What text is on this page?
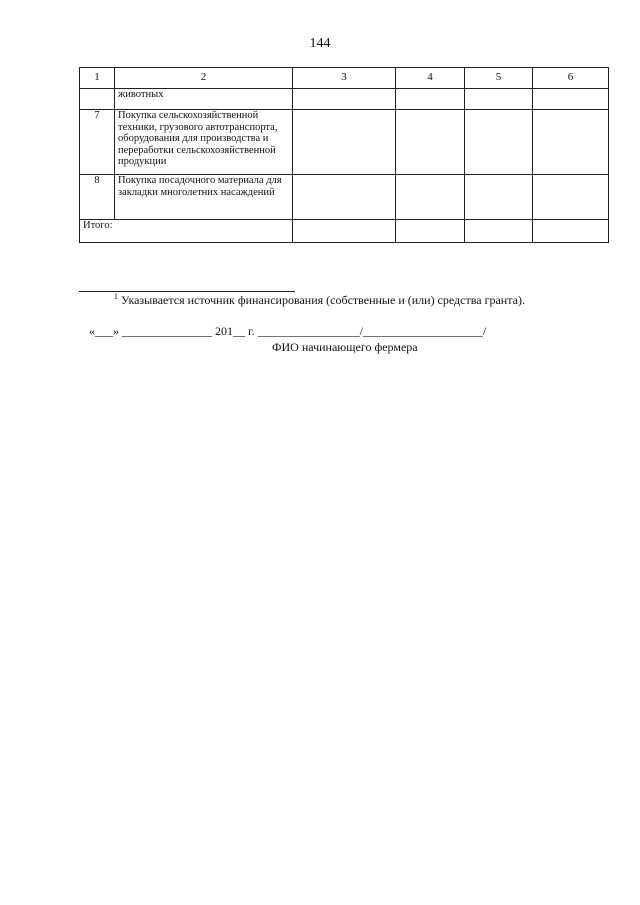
144
1	2	3	4	5	6
	животных				
7	Покупка сельскохозяйственной техники, грузового автотранспорта, оборудования для производства и переработки сельскохозяйственной продукции				
8	Покупка посадочного материала для закладки многолетних насаждений				
Итого:					
$^1$ Указывается источник финансирования (собственные и (или) средства гранта).
«___» _______________ 201__ г. _________________/____________________/
ФИО начинающего фермера
